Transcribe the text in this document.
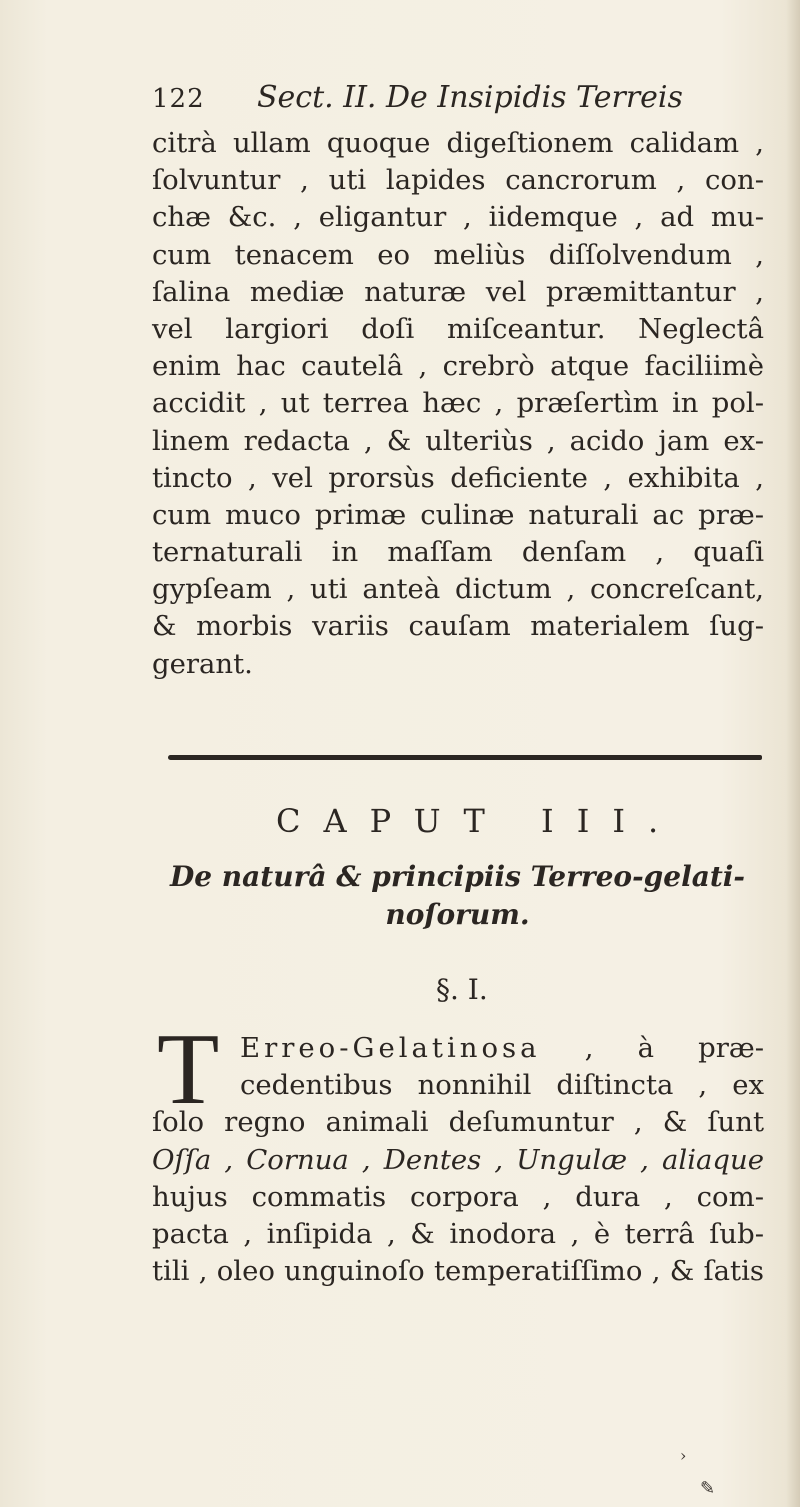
122 Sect. II. De Insipidis Terreis
citrà ullam quoque digeſtionem calidam ,
ſolvuntur , uti lapides cancrorum , con-
chæ &c. , eligantur , iidemque , ad mu-
cum tenacem eo meliùs diſſolvendum ,
ſalina mediæ naturæ vel præmittantur ,
vel largiori doſi miſceantur. Neglectâ
enim hac cautelâ , crebrò atque faciliimè
accidit , ut terrea hæc , præſertìm in pol-
linem redacta , & ulteriùs , acido jam ex-
tincto , vel prorsùs deficiente , exhibita ,
cum muco primæ culinæ naturali ac præ-
ternaturali in maſſam denſam , quaſi
gypſeam , uti anteà dictum , concreſcant,
& morbis variis cauſam materialem ſug-
gerant.
CAPUT III.
De naturâ & principiis Terreo-gelati-
noſorum.
§. I.
T Erreo-Gelatinosa , à præ-
cedentibus nonnihil diſtincta , ex
ſolo regno animali deſumuntur , & ſunt
Oſſa , Cornua , Dentes , Ungulæ , aliaque
hujus commatis corpora , dura , com-
pacta , inſipida , & inodora , è terrâ ſub-
tili , oleo unguinoſo temperatiſſimo , & ſatis
›
✎
